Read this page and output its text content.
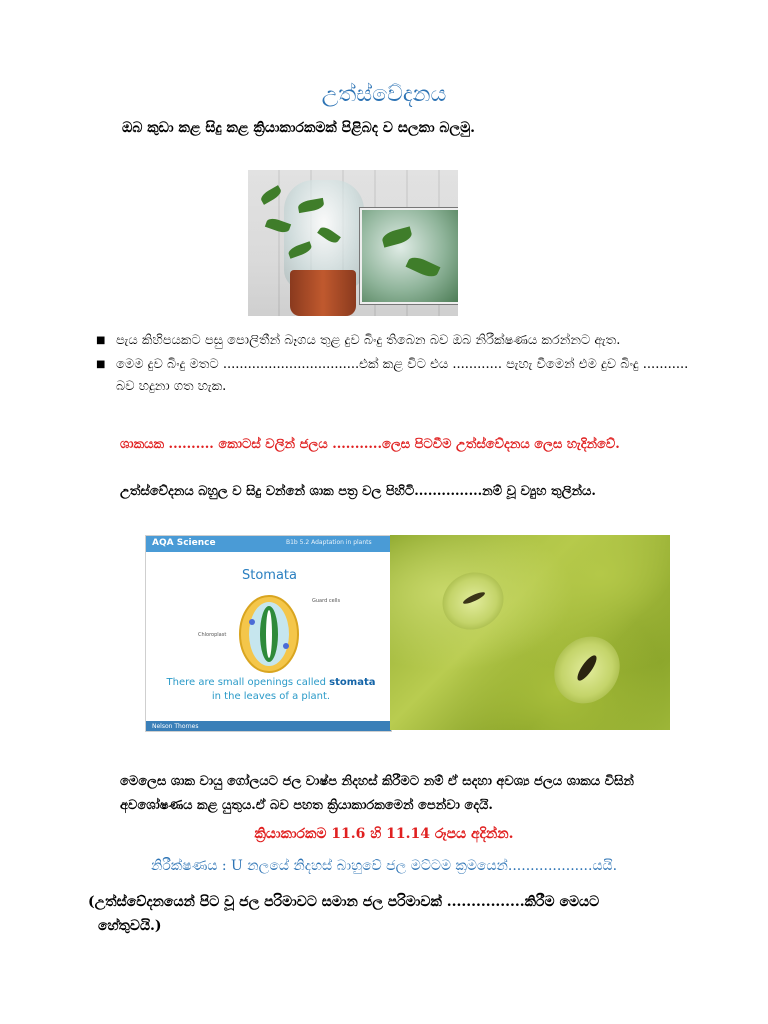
උත්ස්වේදනය
ඔබ කුඩා කළ සිදු කළ ක්‍රියාකාරකමක් පිළිබද ව සලකා බලමු.
■ පැය කිහිපයකට පසු පොලිතීන් බෑගය තුළ දුව බිංදු තිබෙන බව ඔබ නිරීක්ෂණය කරන්නට ඇත.
■ මෙම දුව බිංදු මතට .................................එක් කළ විට එය ............ පැහැ වීමෙන් එම දුව බිංදු ........... බව හදුනා ගත හැක.
ශාකයක .......... කොටස් වලින් ජලය ...........ලෙස පිටවීම උත්ස්වේදනය ලෙස හැදින්වේ.
උත්ස්වේදනය බහුල ව සිදු වන්නේ ශාක පත්‍ර වල පිහිටි...............නම් වූ ව්‍යුහ තුලින්ය.
AQA Science	B1b 5.2 Adaptation in plants
Stomata
Guard cells
Chloroplast
There are small openings called stomata in the leaves of a plant.
Nelson Thornes
මෙලෙස ශාක වායු ගෝලයට ජල වාෂ්ප නිදහස් කිරීමට නම් ඒ සදහා අවශ්‍ය ජලය ශාකය විසින් අවශෝෂණය කළ යුතුය.ඒ බව පහත ක්‍රියාකාරකමෙන් පෙන්වා දෙයි.
ක්‍රියාකාරකම 11.6 හි 11.14 රූපය අදින්න.
නිරීක්ෂණය : U නලයේ නිදහස් බාහුවේ ජල මට්ටම ක්‍රමයෙන්...................යයි.
(උත්ස්වේදනයෙන් පිට වූ ජල පරිමාවට සමාන ජල පරිමාවක් ................කිරීම මෙයට
හේතුවයි.)
